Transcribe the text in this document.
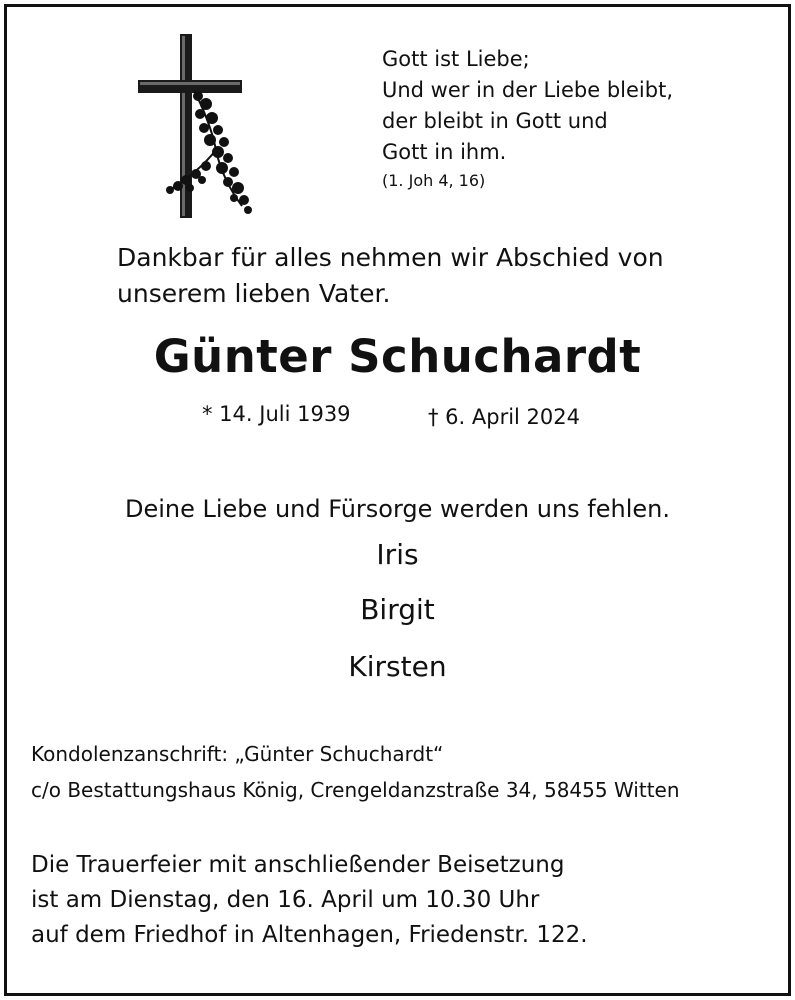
Gott ist Liebe;
Und wer in der Liebe bleibt,
der bleibt in Gott und
Gott in ihm.
(1. Joh 4, 16)
Dankbar für alles nehmen wir Abschied von
unserem lieben Vater.
Günter Schuchardt
* 14. Juli 1939	† 6. April 2024
Deine Liebe und Fürsorge werden uns fehlen.
Iris
Birgit
Kirsten
Kondolenzanschrift: „Günter Schuchardt“
c/o Bestattungshaus König, Crengeldanzstraße 34, 58455 Witten
Die Trauerfeier mit anschließender Beisetzung
ist am Dienstag, den 16. April um 10.30 Uhr
auf dem Friedhof in Altenhagen, Friedenstr. 122.
